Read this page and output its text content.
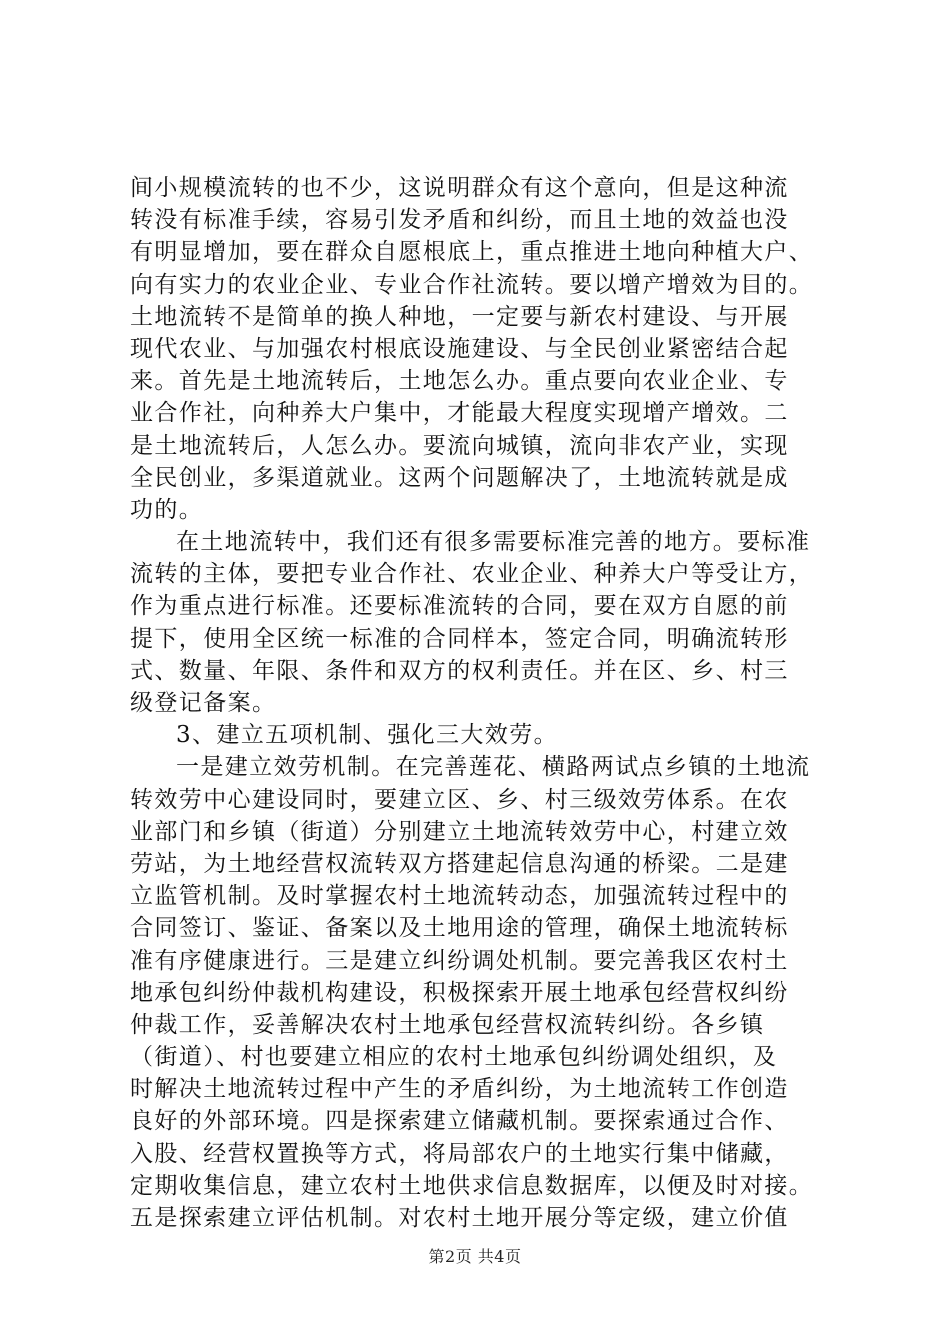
间小规模流转的也不少，这说明群众有这个意向，但是这种流
转没有标准手续，容易引发矛盾和纠纷，而且土地的效益也没
有明显增加，要在群众自愿根底上，重点推进土地向种植大户、
向有实力的农业企业、专业合作社流转。要以增产增效为目的。
土地流转不是简单的换人种地，一定要与新农村建设、与开展
现代农业、与加强农村根底设施建设、与全民创业紧密结合起
来。首先是土地流转后，土地怎么办。重点要向农业企业、专
业合作社，向种养大户集中，才能最大程度实现增产增效。二
是土地流转后，人怎么办。要流向城镇，流向非农产业，实现
全民创业，多渠道就业。这两个问题解决了，土地流转就是成
功的。
在土地流转中，我们还有很多需要标准完善的地方。要标准
流转的主体，要把专业合作社、农业企业、种养大户等受让方，
作为重点进行标准。还要标准流转的合同，要在双方自愿的前
提下，使用全区统一标准的合同样本，签定合同，明确流转形
式、数量、年限、条件和双方的权利责任。并在区、乡、村三
级登记备案。
3、建立五项机制、强化三大效劳。
一是建立效劳机制。在完善莲花、横路两试点乡镇的土地流
转效劳中心建设同时，要建立区、乡、村三级效劳体系。在农
业部门和乡镇（街道）分别建立土地流转效劳中心，村建立效
劳站，为土地经营权流转双方搭建起信息沟通的桥梁。二是建
立监管机制。及时掌握农村土地流转动态，加强流转过程中的
合同签订、鉴证、备案以及土地用途的管理，确保土地流转标
准有序健康进行。三是建立纠纷调处机制。要完善我区农村土
地承包纠纷仲裁机构建设，积极探索开展土地承包经营权纠纷
仲裁工作，妥善解决农村土地承包经营权流转纠纷。各乡镇
（街道）、村也要建立相应的农村土地承包纠纷调处组织，及
时解决土地流转过程中产生的矛盾纠纷，为土地流转工作创造
良好的外部环境。四是探索建立储藏机制。要探索通过合作、
入股、经营权置换等方式，将局部农户的土地实行集中储藏，
定期收集信息，建立农村土地供求信息数据库，以便及时对接。
五是探索建立评估机制。对农村土地开展分等定级，建立价值
第2页 共4页
